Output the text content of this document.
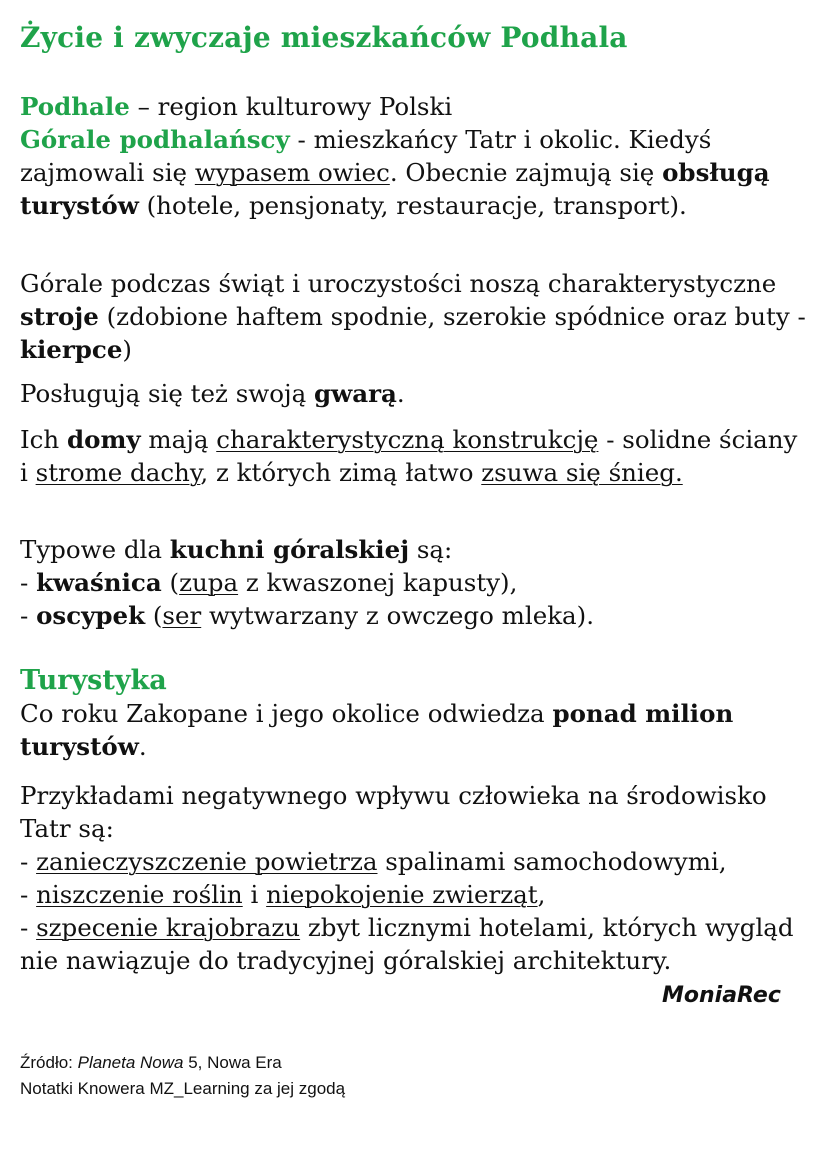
Życie i zwyczaje mieszkańców Podhala

Podhale – region kulturowy Polski
Górale podhalańscy - mieszkańcy Tatr i okolic. Kiedyś zajmowali się wypasem owiec. Obecnie zajmują się obsługą turystów (hotele, pensjonaty, restauracje, transport).

Górale podczas świąt i uroczystości noszą charakterystyczne stroje (zdobione haftem spodnie, szerokie spódnice oraz buty - kierpce)

Posługują się też swoją gwarą.

Ich domy mają charakterystyczną konstrukcję - solidne ściany i strome dachy, z których zimą łatwo zsuwa się śnieg.

Typowe dla kuchni góralskiej są:
- kwaśnica (zupa z kwaszonej kapusty),
- oscypek (ser wytwarzany z owczego mleka).

Turystyka
Co roku Zakopane i jego okolice odwiedza ponad milion turystów.

Przykładami negatywnego wpływu człowieka na środowisko Tatr są:
- zanieczyszczenie powietrza spalinami samochodowymi,
- niszczenie roślin i niepokojenie zwierząt,
- szpecenie krajobrazu zbyt licznymi hotelami, których wygląd nie nawiązuje do tradycyjnej góralskiej architektury.

MoniaRec
Źródło: Planeta Nowa 5, Nowa Era
Notatki Knowera MZ_Learning za jej zgodą
